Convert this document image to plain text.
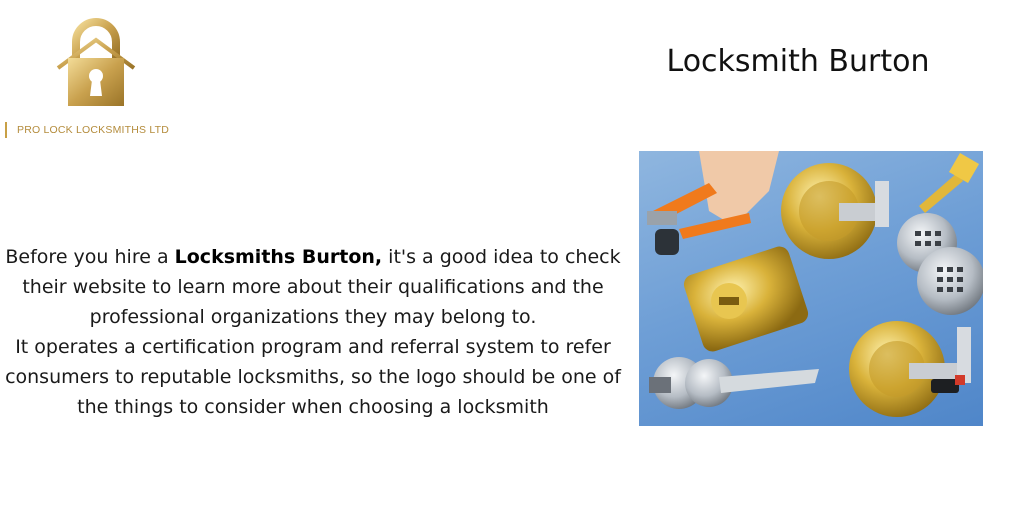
PRO LOCK LOCKSMITHS LTD
Locksmith Burton

Before you hire a Locksmiths Burton, it's a good idea to check their website to learn more about their qualifications and the professional organizations they may belong to.

It operates a certification program and referral system to refer consumers to reputable locksmiths, so the logo should be one of the things to consider when choosing a locksmith
